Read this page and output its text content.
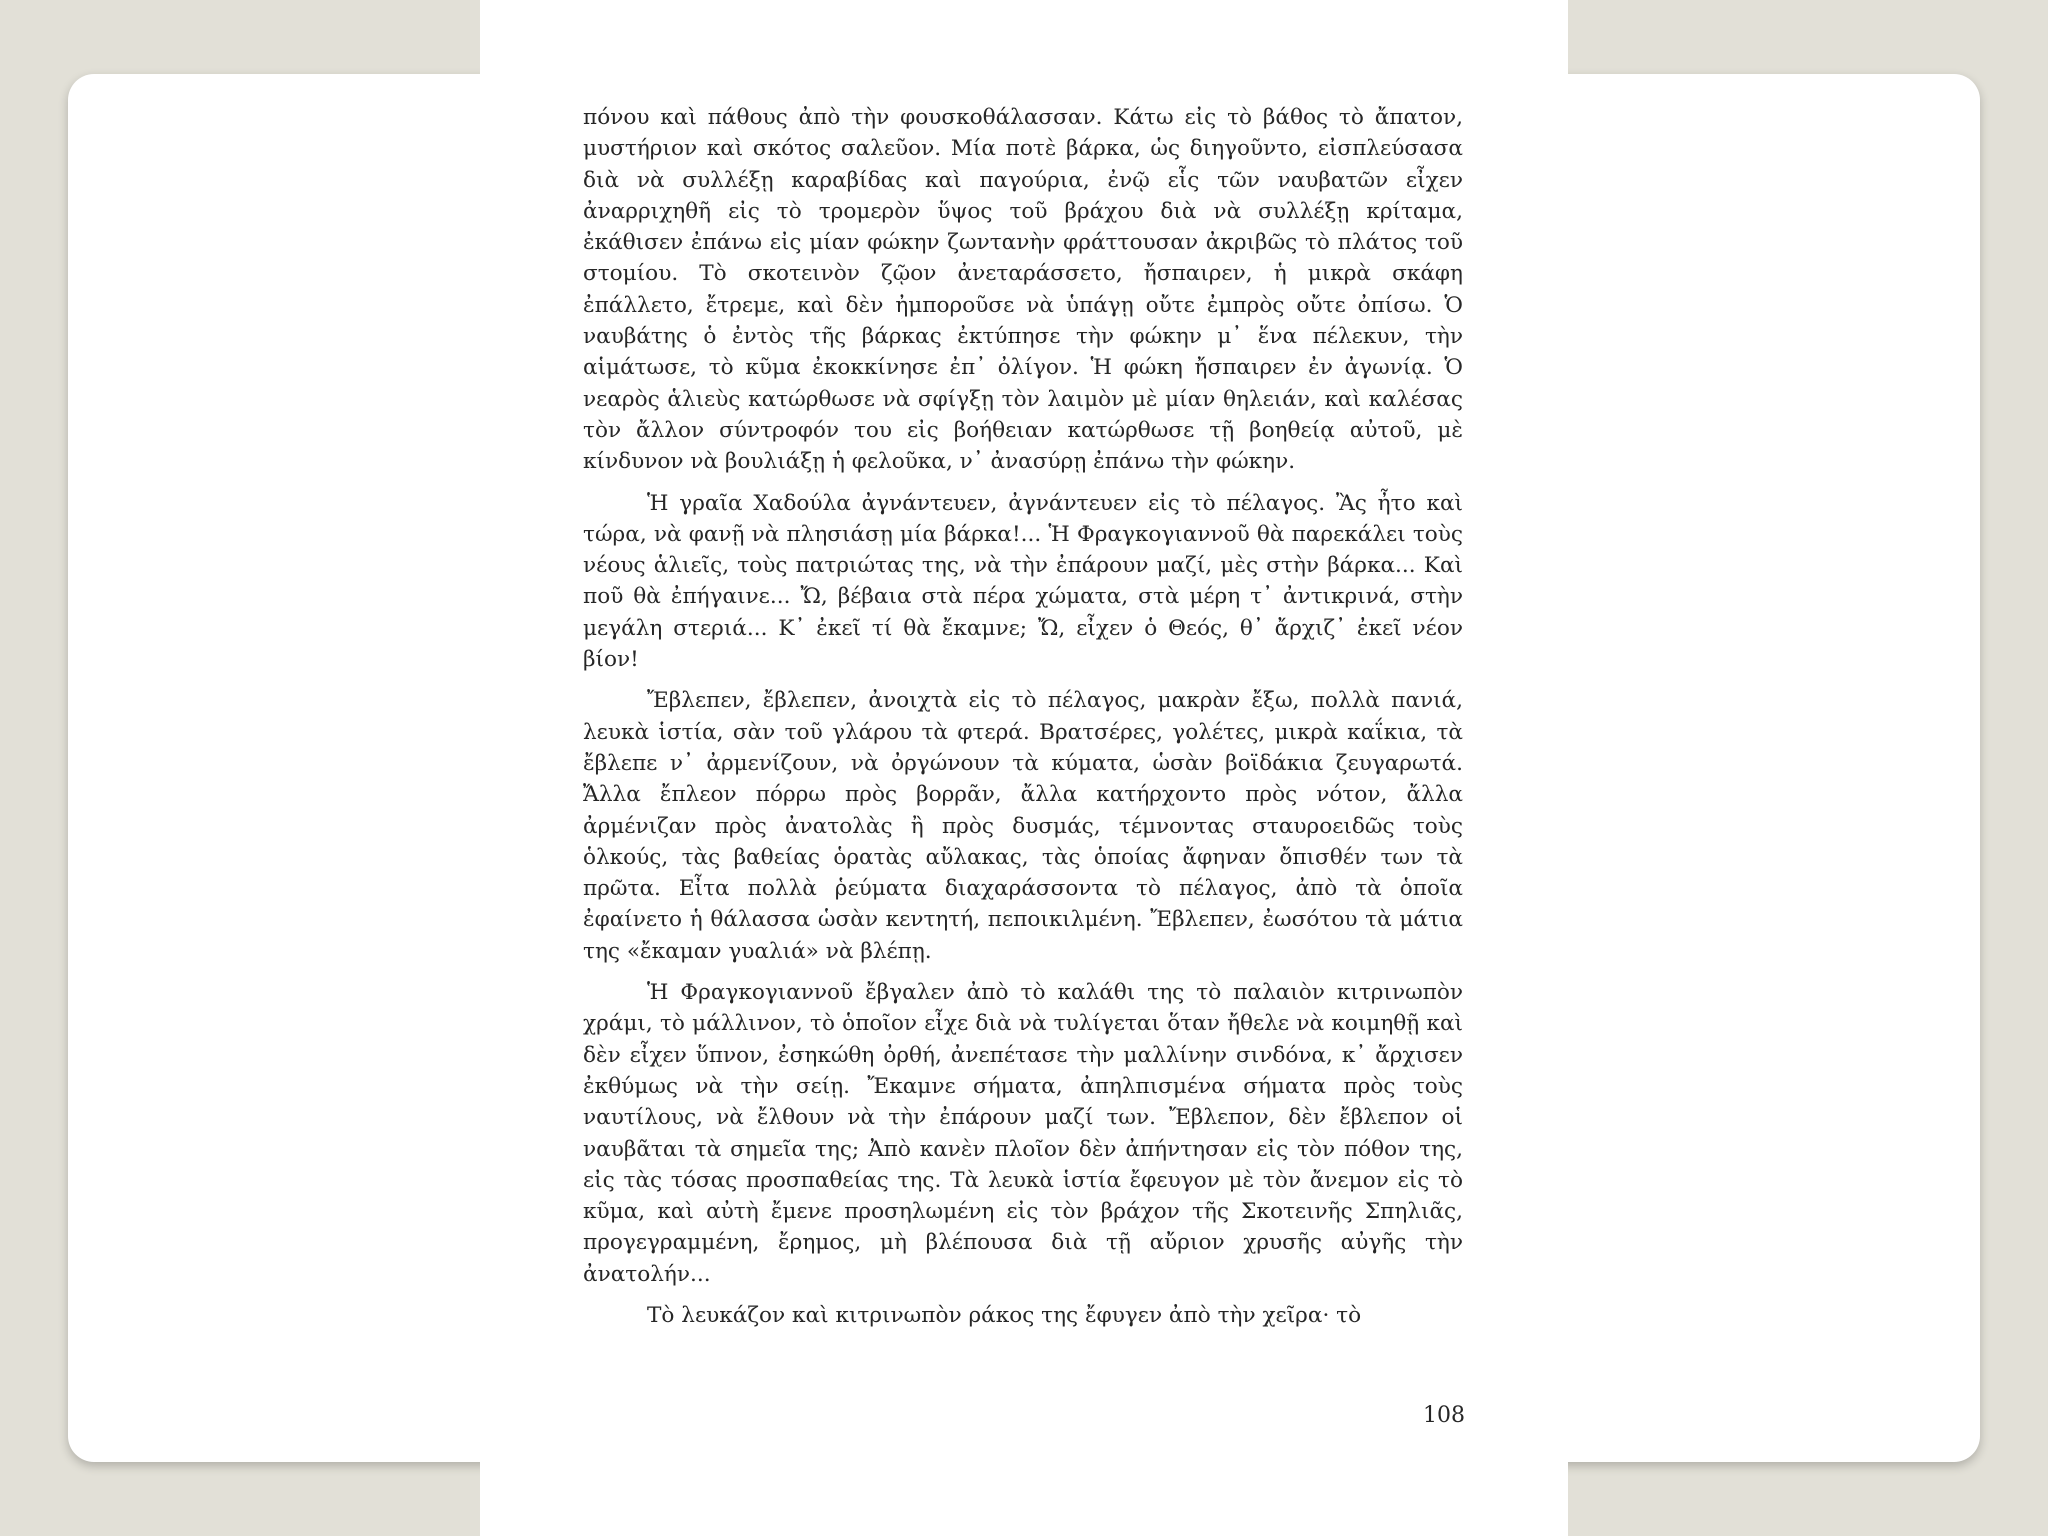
πόνου καὶ πάθους ἀπὸ τὴν φουσκοθάλασσαν. Κάτω εἰς τὸ βάθος τὸ ἄπατον, μυστήριον καὶ σκότος σαλεῦον. Μία ποτὲ βάρκα, ὡς διηγοῦντο, εἰσπλεύσασα διὰ νὰ συλλέξῃ καραβίδας καὶ παγούρια, ἐνῷ εἷς τῶν ναυβατῶν εἶχεν ἀναρριχηθῆ εἰς τὸ τρομερὸν ὕψος τοῦ βράχου διὰ νὰ συλλέξῃ κρίταμα, ἐκάθισεν ἐπάνω εἰς μίαν φώκην ζωντανὴν φράττουσαν ἀκριβῶς τὸ πλάτος τοῦ στομίου. Τὸ σκοτεινὸν ζῷον ἀνεταράσσετο, ἤσπαιρεν, ἡ μικρὰ σκάφη ἐπάλλετο, ἔτρεμε, καὶ δὲν ἠμποροῦσε νὰ ὑπάγῃ οὔτε ἐμπρὸς οὔτε ὀπίσω. Ὁ ναυβάτης ὁ ἐντὸς τῆς βάρκας ἐκτύπησε τὴν φώκην μ᾽ ἕνα πέλεκυν, τὴν αἱμάτωσε, τὸ κῦμα ἐκοκκίνησε ἐπ᾽ ὀλίγον. Ἡ φώκη ἤσπαιρεν ἐν ἀγωνίᾳ. Ὁ νεαρὸς ἁλιεὺς κατώρθωσε νὰ σφίγξῃ τὸν λαιμὸν μὲ μίαν θηλειάν, καὶ καλέσας τὸν ἄλλον σύντροφόν του εἰς βοήθειαν κατώρθωσε τῇ βοηθείᾳ αὐτοῦ, μὲ κίνδυνον νὰ βουλιάξῃ ἡ φελοῦκα, ν᾽ ἀνασύρῃ ἐπάνω τὴν φώκην.

Ἡ γραῖα Χαδούλα ἀγνάντευεν, ἀγνάντευεν εἰς τὸ πέλαγος. Ἂς ἦτο καὶ τώρα, νὰ φανῇ νὰ πλησιάσῃ μία βάρκα!... Ἡ Φραγκογιαννοῦ θὰ παρεκάλει τοὺς νέους ἁλιεῖς, τοὺς πατριώτας της, νὰ τὴν ἐπάρουν μαζί, μὲς στὴν βάρκα... Καὶ ποῦ θὰ ἐπήγαινε... Ὤ, βέβαια στὰ πέρα χώματα, στὰ μέρη τ᾽ ἀντικρινά, στὴν μεγάλη στεριά... Κ᾽ ἐκεῖ τί θὰ ἔκαμνε; Ὤ, εἶχεν ὁ Θεός, θ᾽ ἄρχιζ᾽ ἐκεῖ νέον βίον!

Ἔβλεπεν, ἔβλεπεν, ἀνοιχτὰ εἰς τὸ πέλαγος, μακρὰν ἔξω, πολλὰ πανιά, λευκὰ ἱστία, σὰν τοῦ γλάρου τὰ φτερά. Βρατσέρες, γολέτες, μικρὰ καΐκια, τὰ ἔβλεπε ν᾽ ἀρμενίζουν, νὰ ὀργώνουν τὰ κύματα, ὡσὰν βοϊδάκια ζευγαρωτά. Ἄλλα ἔπλεον πόρρω πρὸς βορρᾶν, ἄλλα κατήρχοντο πρὸς νότον, ἄλλα ἀρμένιζαν πρὸς ἀνατολὰς ἢ πρὸς δυσμάς, τέμνοντας σταυροειδῶς τοὺς ὁλκούς, τὰς βαθείας ὁρατὰς αὔλακας, τὰς ὁποίας ἄφηναν ὄπισθέν των τὰ πρῶτα. Εἶτα πολλὰ ῥεύματα διαχαράσσοντα τὸ πέλαγος, ἀπὸ τὰ ὁποῖα ἐφαίνετο ἡ θάλασσα ὡσὰν κεντητή, πεποικιλμένη. Ἔβλεπεν, ἐωσότου τὰ μάτια της «ἔκαμαν γυαλιά» νὰ βλέπῃ.

Ἡ Φραγκογιαννοῦ ἔβγαλεν ἀπὸ τὸ καλάθι της τὸ παλαιὸν κιτρινωπὸν χράμι, τὸ μάλλινον, τὸ ὁποῖον εἶχε διὰ νὰ τυλίγεται ὅταν ἤθελε νὰ κοιμηθῇ καὶ δὲν εἶχεν ὕπνον, ἐσηκώθη ὀρθή, ἀνεπέτασε τὴν μαλλίνην σινδόνα, κ᾽ ἄρχισεν ἐκθύμως νὰ τὴν σείῃ. Ἔκαμνε σήματα, ἀπηλπισμένα σήματα πρὸς τοὺς ναυτίλους, νὰ ἔλθουν νὰ τὴν ἐπάρουν μαζί των. Ἔβλεπον, δὲν ἔβλεπον οἱ ναυβᾶται τὰ σημεῖα της; Ἀπὸ κανὲν πλοῖον δὲν ἀπήντησαν εἰς τὸν πόθον της, εἰς τὰς τόσας προσπαθείας της. Τὰ λευκὰ ἱστία ἔφευγον μὲ τὸν ἄνεμον εἰς τὸ κῦμα, καὶ αὐτὴ ἔμενε προσηλωμένη εἰς τὸν βράχον τῆς Σκοτεινῆς Σπηλιᾶς, προγεγραμμένη, ἔρημος, μὴ βλέπουσα διὰ τῇ αὔριον χρυσῆς αὐγῆς τὴν ἀνατολήν...

Τὸ λευκάζον καὶ κιτρινωπὸν ράκος της ἔφυγεν ἀπὸ τὴν χεῖρα· τὸ

108
